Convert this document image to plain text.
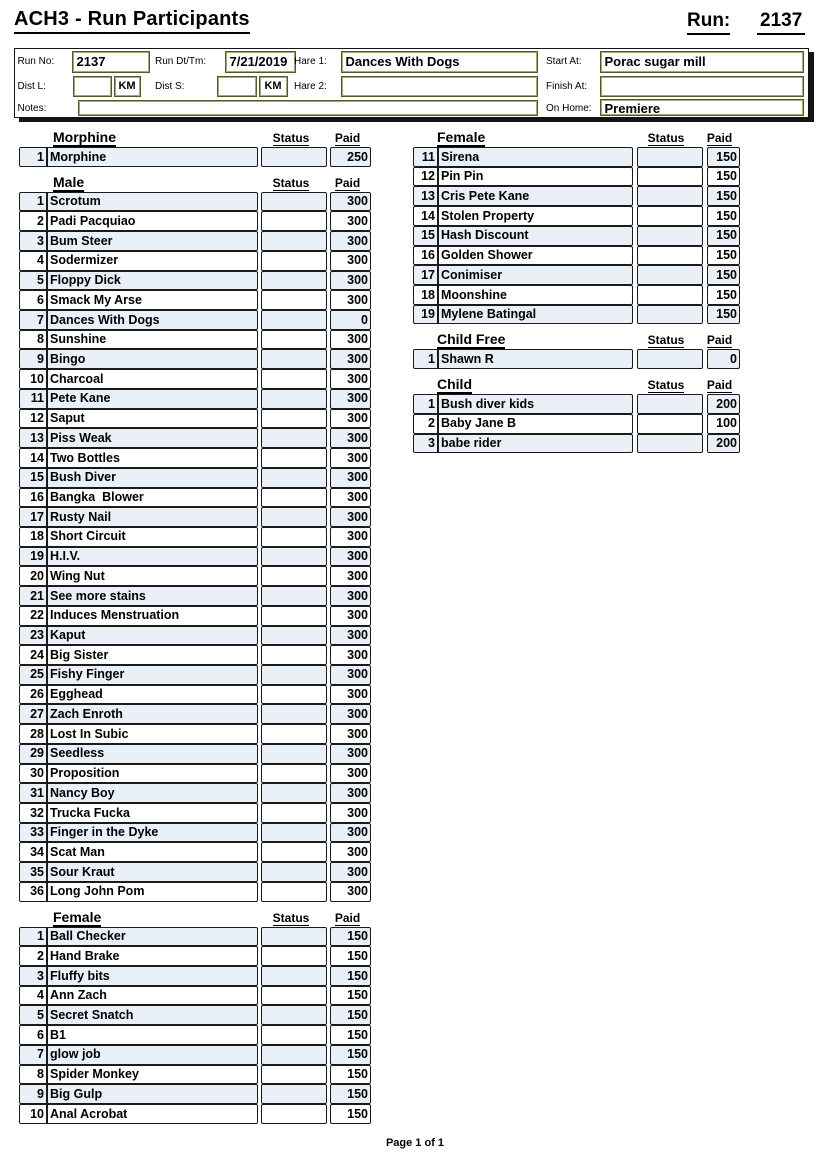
ACH3 - Run Participants	Run: 2137
Run No:	2137	Run Dt/Tm:	7/21/2019 Hare 1:	Dances With Dogs	Start At:	Porac sugar mill
Dist L:	KM	Dist S:	KM	Hare 2:	Finish At:
Notes:	On Home: Premiere
Morphine	Status	Paid
1 Morphine	250
Male	Status	Paid
1 Scrotum	300
2 Padi Pacquiao	300
3 Bum Steer	300
4 Sodermizer	300
5 Floppy Dick	300
6 Smack My Arse	300
7 Dances With Dogs	0
8 Sunshine	300
9 Bingo	300
10 Charcoal	300
11 Pete Kane	300
12 Saput	300
13 Piss Weak	300
14 Two Bottles	300
15 Bush Diver	300
16 Bangka  Blower	300
17 Rusty Nail	300
18 Short Circuit	300
19 H.I.V.	300
20 Wing Nut	300
21 See more stains	300
22 Induces Menstruation	300
23 Kaput	300
24 Big Sister	300
25 Fishy Finger	300
26 Egghead	300
27 Zach Enroth	300
28 Lost In Subic	300
29 Seedless	300
30 Proposition	300
31 Nancy Boy	300
32 Trucka Fucka	300
33 Finger in the Dyke	300
34 Scat Man	300
35 Sour Kraut	300
36 Long John Pom	300
Female	Status	Paid
1 Ball Checker	150
2 Hand Brake	150
3 Fluffy bits	150
4 Ann Zach	150
5 Secret Snatch	150
6 B1	150
7 glow job	150
8 Spider Monkey	150
9 Big Gulp	150
10 Anal Acrobat	150
Female	Status	Paid
11 Sirena	150
12 Pin Pin	150
13 Cris Pete Kane	150
14 Stolen Property	150
15 Hash Discount	150
16 Golden Shower	150
17 Conimiser	150
18 Moonshine	150
19 Mylene Batingal	150
Child Free	Status	Paid
1 Shawn R	0
Child	Status	Paid
1 Bush diver kids	200
2 Baby Jane B	100
3 babe rider	200
Page 1 of 1
